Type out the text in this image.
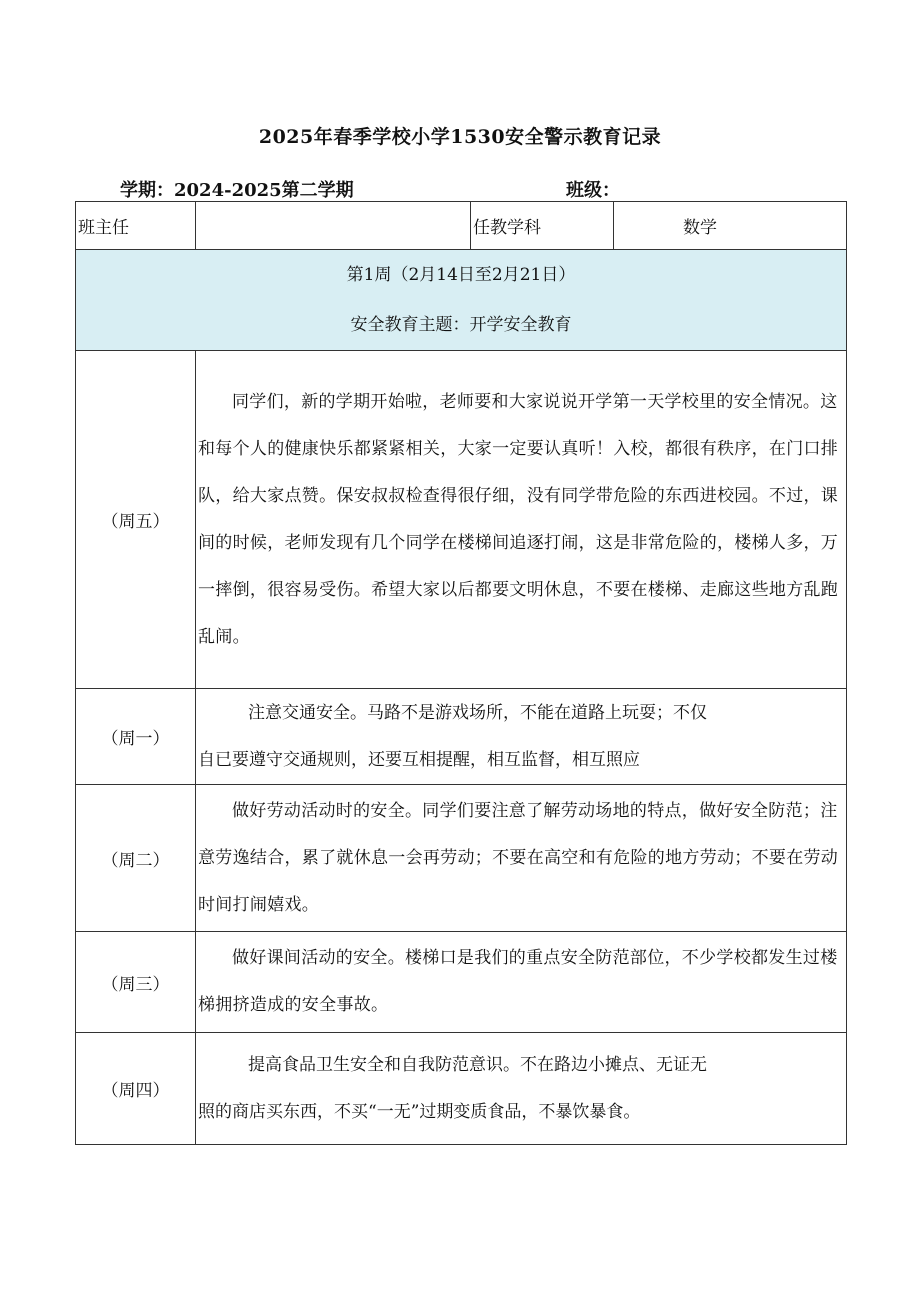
2025年春季学校小学1530安全警示教育记录
学期：2024-2025第二学期	班级：
班主任		任教学科	数学

第1周（2月14日至2月21日）
安全教育主题：开学安全教育			

（周五）	同学们，新的学期开始啦，老师要和大家说说开学第一天学校里的安全情况。这和每个人的健康快乐都紧紧相关，大家一定要认真听！入校，都很有秩序，在门口排队，给大家点赞。保安叔叔检查得很仔细，没有同学带危险的东西进校园。不过，课间的时候，老师发现有几个同学在楼梯间追逐打闹，这是非常危险的，楼梯人多，万一摔倒，很容易受伤。希望大家以后都要文明休息，不要在楼梯、走廊这些地方乱跑乱闹。		
（周一）	注意交通安全。马路不是游戏场所，不能在道路上玩耍；不仅
自已要遵守交通规则，还要互相提醒，相互监督，相互照应		

（周二）	做好劳动活动时的安全。同学们要注意了解劳动场地的特点，做好安全防范；注意劳逸结合，累了就休息一会再劳动；不要在高空和有危险的地方劳动；不要在劳动时间打闹嬉戏。		
（周三）	做好课间活动的安全。楼梯口是我们的重点安全防范部位，不少学校都发生过楼梯拥挤造成的安全事故。		
（周四）	提高食品卫生安全和自我防范意识。不在路边小摊点、无证无
照的商店买东西，不买“一无”过期变质食品，不暴饮暴食。		
